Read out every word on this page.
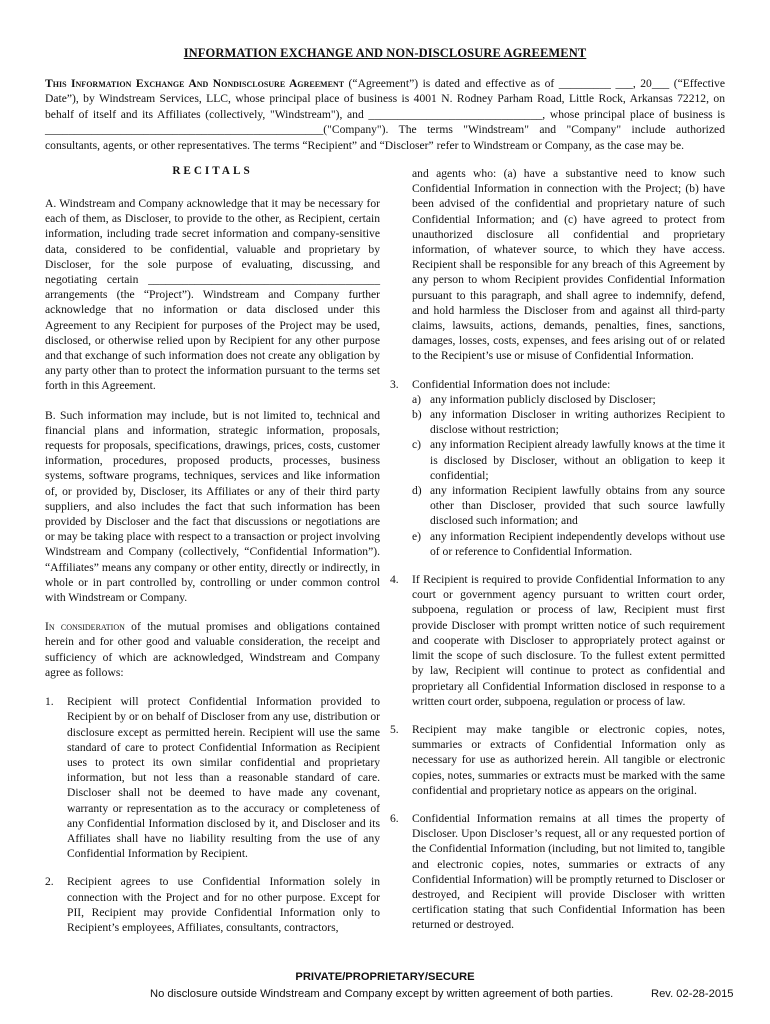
INFORMATION EXCHANGE AND NON-DISCLOSURE AGREEMENT
This Information Exchange And Nondisclosure Agreement (“Agreement”) is dated and effective as of _________ ___, 20___ (“Effective Date”), by Windstream Services, LLC, whose principal place of business is 4001 N. Rodney Parham Road, Little Rock, Arkansas 72212, on behalf of itself and its Affiliates (collectively, "Windstream"), and ______________________________, whose principal place of business is ________________________________________________("Company"). The terms "Windstream" and "Company" include authorized consultants, agents, or other representatives. The terms “Recipient” and “Discloser” refer to Windstream or Company, as the case may be.
RECITALS

A. Windstream and Company acknowledge that it may be necessary for each of them, as Discloser, to provide to the other, as Recipient, certain information, including trade secret information and company-sensitive data, considered to be confidential, valuable and proprietary by Discloser, for the sole purpose of evaluating, discussing, and negotiating certain ________________________________________ arrangements (the “Project”). Windstream and Company further acknowledge that no information or data disclosed under this Agreement to any Recipient for purposes of the Project may be used, disclosed, or otherwise relied upon by Recipient for any other purpose and that exchange of such information does not create any obligation by any party other than to protect the information pursuant to the terms set forth in this Agreement.

B. Such information may include, but is not limited to, technical and financial plans and information, strategic information, proposals, requests for proposals, specifications, drawings, prices, costs, customer information, procedures, proposed products, processes, business systems, software programs, techniques, services and like information of, or provided by, Discloser, its Affiliates or any of their third party suppliers, and also includes the fact that such information has been provided by Discloser and the fact that discussions or negotiations are or may be taking place with respect to a transaction or project involving Windstream and Company (collectively, “Confidential Information”). “Affiliates” means any company or other entity, directly or indirectly, in whole or in part controlled by, controlling or under common control with Windstream or Company.

In consideration of the mutual promises and obligations contained herein and for other good and valuable consideration, the receipt and sufficiency of which are acknowledged, Windstream and Company agree as follows:

1.	Recipient will protect Confidential Information provided to Recipient by or on behalf of Discloser from any use, distribution or disclosure except as permitted herein. Recipient will use the same standard of care to protect Confidential Information as Recipient uses to protect its own similar confidential and proprietary information, but not less than a reasonable standard of care. Discloser shall not be deemed to have made any covenant, warranty or representation as to the accuracy or completeness of any Confidential Information disclosed by it, and Discloser and its Affiliates shall have no liability resulting from the use of any Confidential Information by Recipient.
2.	Recipient agrees to use Confidential Information solely in connection with the Project and for no other purpose. Except for PII, Recipient may provide Confidential Information only to Recipient’s employees, Affiliates, consultants, contractors,
and agents who: (a) have a substantive need to know such Confidential Information in connection with the Project; (b) have been advised of the confidential and proprietary nature of such Confidential Information; and (c) have agreed to protect from unauthorized disclosure all confidential and proprietary information, of whatever source, to which they have access. Recipient shall be responsible for any breach of this Agreement by any person to whom Recipient provides Confidential Information pursuant to this paragraph, and shall agree to indemnify, defend, and hold harmless the Discloser from and against all third-party claims, lawsuits, actions, demands, penalties, fines, sanctions, damages, losses, costs, expenses, and fees arising out of or related to the Recipient’s use or misuse of Confidential Information.
3.	Confidential Information does not include:
a) any information publicly disclosed by Discloser;
b) any information Discloser in writing authorizes Recipient to disclose without restriction;
c) any information Recipient already lawfully knows at the time it is disclosed by Discloser, without an obligation to keep it confidential;
d) any information Recipient lawfully obtains from any source other than Discloser, provided that such source lawfully disclosed such information; and
e) any information Recipient independently develops without use of or reference to Confidential Information.
4.	If Recipient is required to provide Confidential Information to any court or government agency pursuant to written court order, subpoena, regulation or process of law, Recipient must first provide Discloser with prompt written notice of such requirement and cooperate with Discloser to appropriately protect against or limit the scope of such disclosure. To the fullest extent permitted by law, Recipient will continue to protect as confidential and proprietary all Confidential Information disclosed in response to a written court order, subpoena, regulation or process of law.
5.	Recipient may make tangible or electronic copies, notes, summaries or extracts of Confidential Information only as necessary for use as authorized herein. All tangible or electronic copies, notes, summaries or extracts must be marked with the same confidential and proprietary notice as appears on the original.
6.	Confidential Information remains at all times the property of Discloser. Upon Discloser’s request, all or any requested portion of the Confidential Information (including, but not limited to, tangible and electronic copies, notes, summaries or extracts of any Confidential Information) will be promptly returned to Discloser or destroyed, and Recipient will provide Discloser with written certification stating that such Confidential Information has been returned or destroyed.
PRIVATE/PROPRIETARY/SECURE
No disclosure outside Windstream and Company except by written agreement of both parties.	Rev. 02-28-2015
